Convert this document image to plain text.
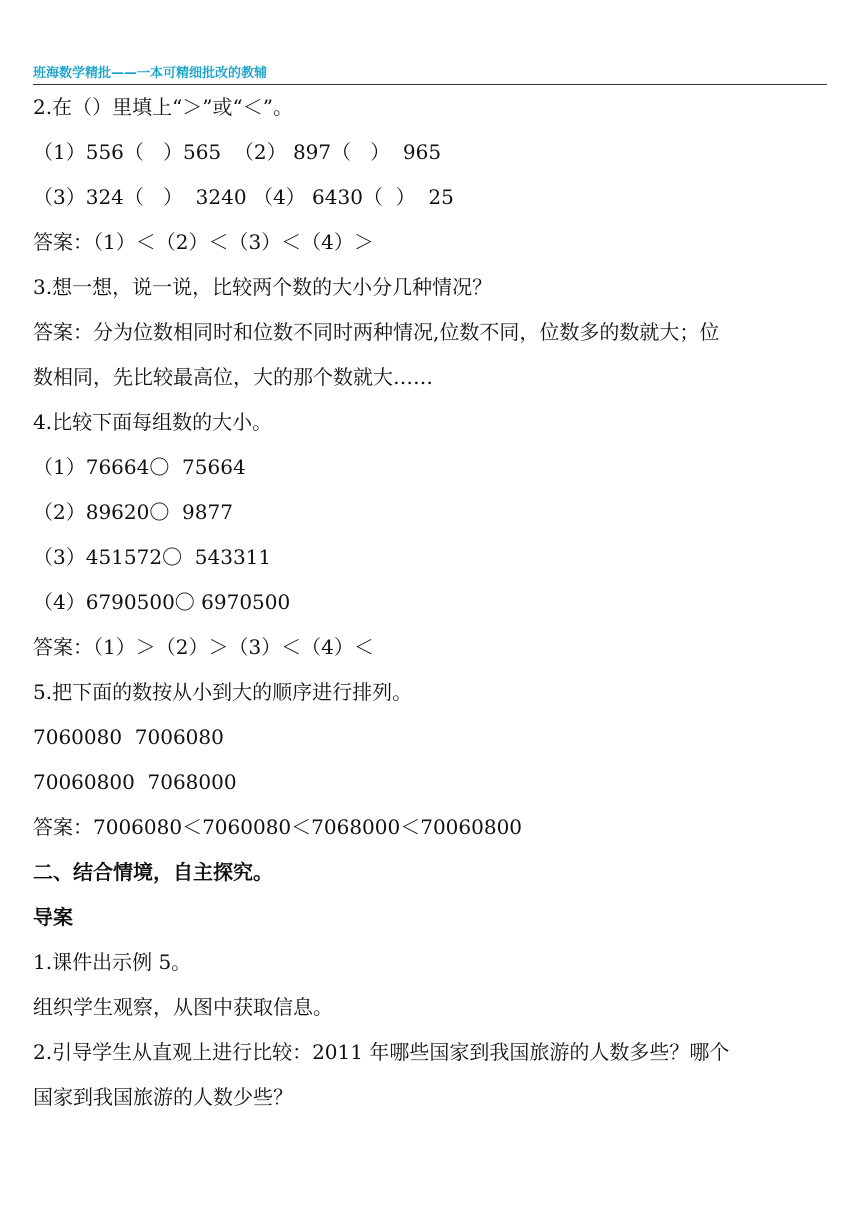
班海数学精批——一本可精细批改的教辅
2.在（）里填上“＞”或“＜”。
（1）556（   ）565  （2） 897（   ）  965
（3）324（   ）  3240 （4） 6430（  ）  25
答案：（1）＜（2）＜（3）＜（4）＞
3.想一想，说一说，比较两个数的大小分几种情况？
答案：分为位数相同时和位数不同时两种情况,位数不同，位数多的数就大；位
数相同，先比较最高位，大的那个数就大……
4.比较下面每组数的大小。
（1）76664〇  75664
（2）89620〇  9877
（3）451572〇  543311
（4）6790500〇 6970500
答案：（1）＞（2）＞（3）＜（4）＜
5.把下面的数按从小到大的顺序进行排列。
7060080  7006080
70060800  7068000
答案：7006080＜7060080＜7068000＜70060800
二、结合情境，自主探究。
导案
1.课件出示例 5。
组织学生观察，从图中获取信息。
2.引导学生从直观上进行比较：2011 年哪些国家到我国旅游的人数多些？哪个
国家到我国旅游的人数少些？
